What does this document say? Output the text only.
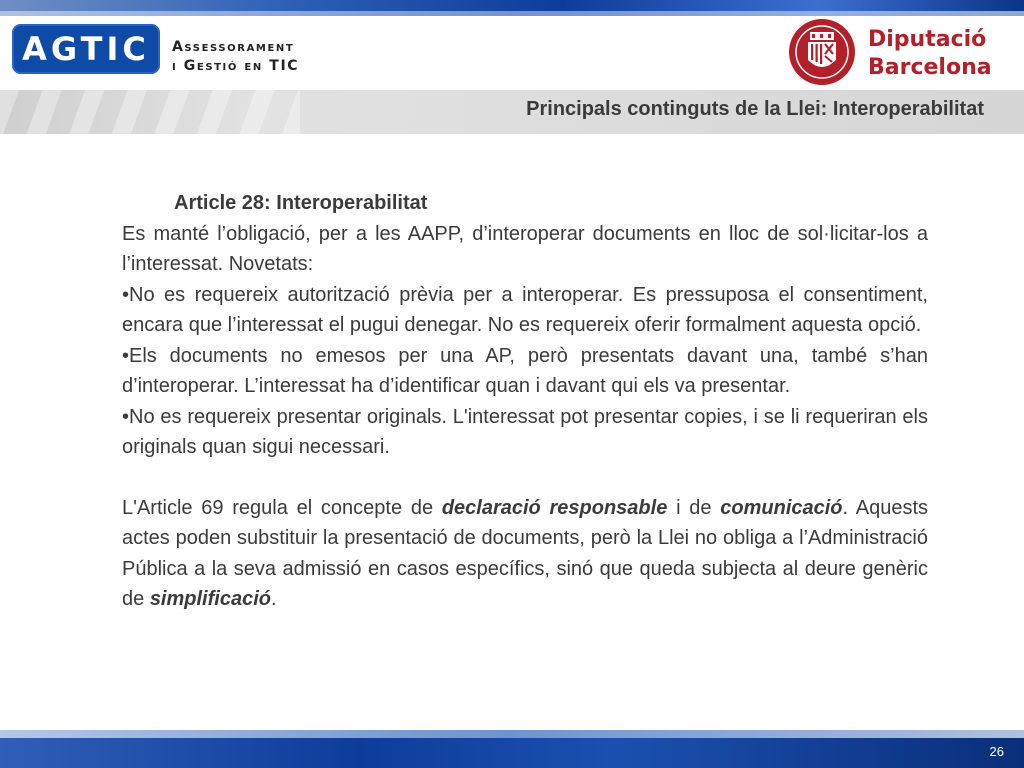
AGTIC Assessorament
i Gestió en TIC
Diputació
Barcelona
Principals continguts de la Llei: Interoperabilitat

Article 28: Interoperabilitat

Es manté l’obligació, per a les AAPP, d’interoperar documents en lloc de sol·licitar-los a l’interessat. Novetats:

•No es requereix autorització prèvia per a interoperar. Es pressuposa el consentiment, encara que l’interessat el pugui denegar. No es requereix oferir formalment aquesta opció.

•Els documents no emesos per una AP, però presentats davant una, també s’han d’interoperar. L’interessat ha d’identificar quan i davant qui els va presentar.

•No es requereix presentar originals. L'interessat pot presentar copies, i se li requeriran els originals quan sigui necessari.

L'Article 69 regula el concepte de declaració responsable i de comunicació. Aquests actes poden substituir la presentació de documents, però la Llei no obliga a l’Administració Pública a la seva admissió en casos específics, sinó que queda subjecta al deure genèric de simplificació.

26
